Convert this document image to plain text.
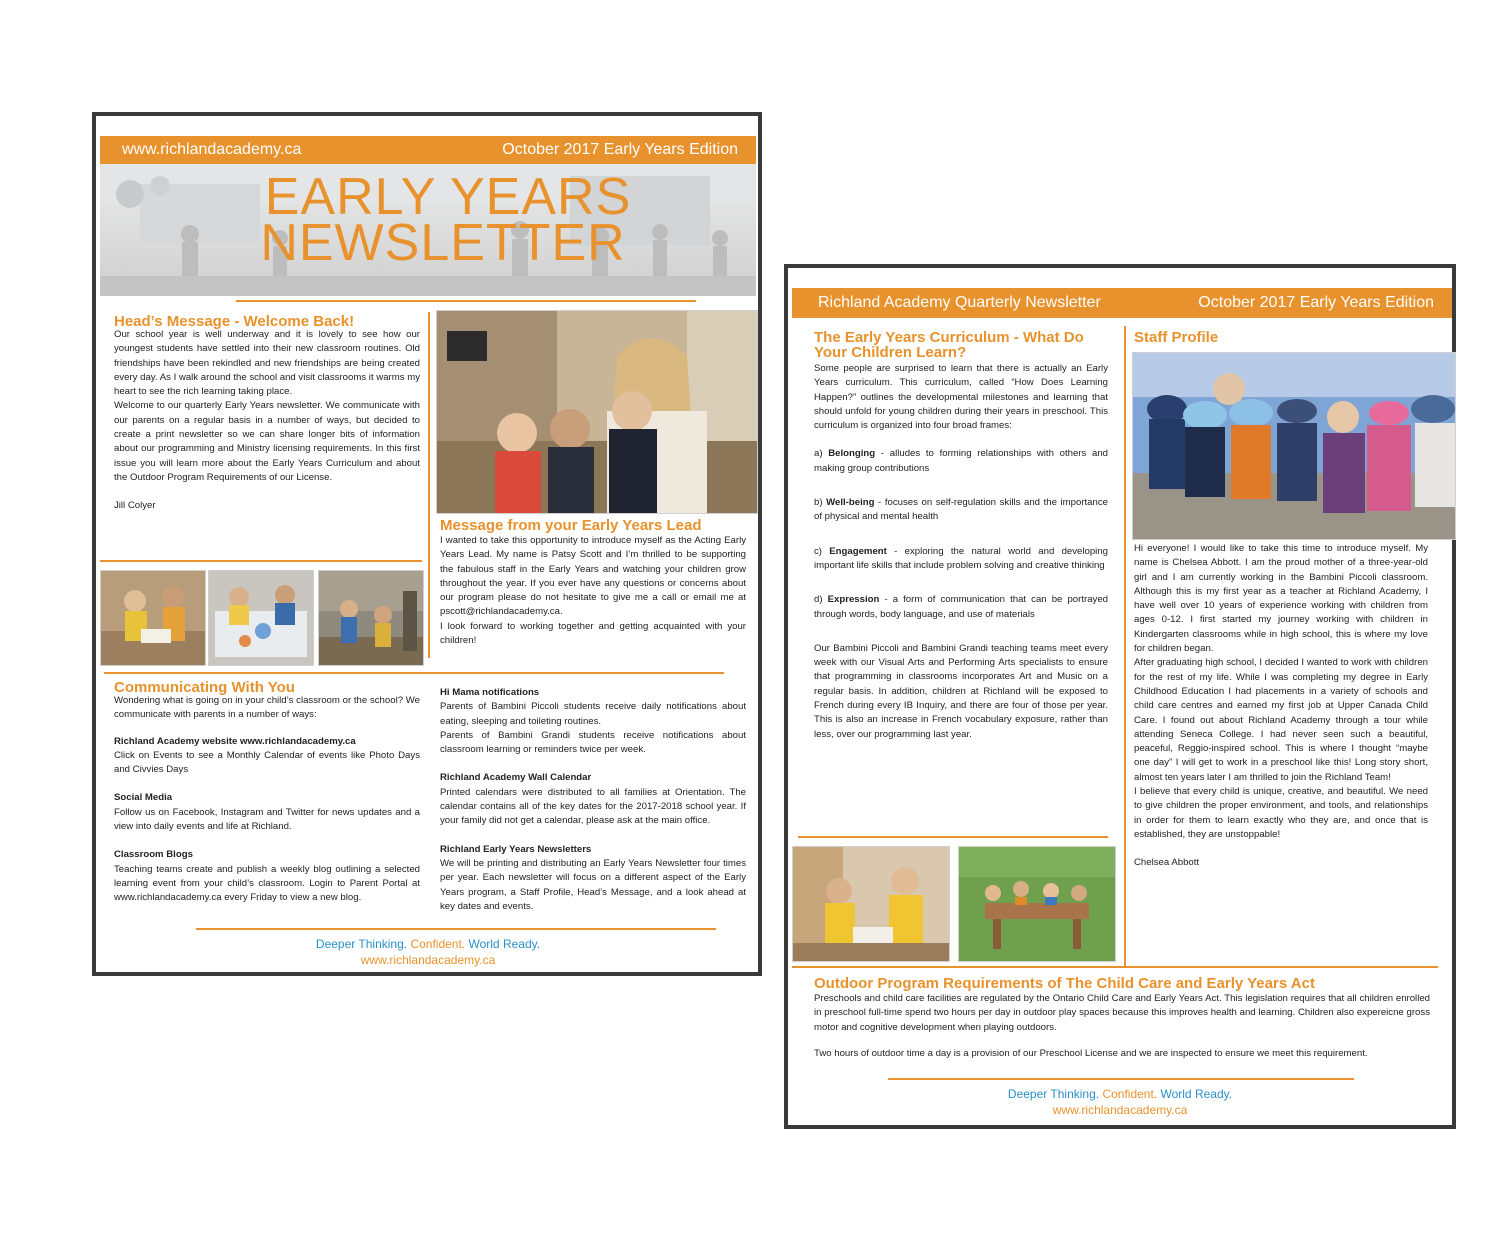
www.richlandacademy.ca	October 2017 Early Years Edition
EARLY YEARS
NEWSLETTER
Head’s Message - Welcome Back!

Our school year is well underway and it is lovely to see how our youngest students have settled into their new classroom routines. Old friendships have been rekindled and new friendships are being created every day. As I walk around the school and visit classrooms it warms my heart to see the rich learning taking place.

Welcome to our quarterly Early Years newsletter. We communicate with our parents on a regular basis in a number of ways, but decided to create a print newsletter so we can share longer bits of information about our programming and Ministry licensing requirements. In this first issue you will learn more about the Early Years Curriculum and about the Outdoor Program Requirements of our License.

Jill Colyer

Message from your Early Years Lead

I wanted to take this opportunity to introduce myself as the Acting Early Years Lead. My name is Patsy Scott and I’m thrilled to be supporting the fabulous staff in the Early Years and watching your children grow throughout the year. If you ever have any questions or concerns about our program please do not hesitate to give me a call or email me at pscott@richlandacademy.ca.

I look forward to working together and getting acquainted with your children!

Communicating With You

Wondering what is going on in your child’s classroom or the school? We communicate with parents in a number of ways:

Richland Academy website www.richlandacademy.ca
Click on Events to see a Monthly Calendar of events like Photo Days and Civvies Days

Social Media
Follow us on Facebook, Instagram and Twitter for news updates and a view into daily events and life at Richland.

Classroom Blogs
Teaching teams create and publish a weekly blog outlining a selected learning event from your child’s classroom. Login to Parent Portal at www.richlandacademy.ca every Friday to view a new blog.

Hi Mama notifications
Parents of Bambini Piccoli students receive daily notifications about eating, sleeping and toileting routines.
Parents of Bambini Grandi students receive notifications about classroom learning or reminders twice per week.

Richland Academy Wall Calendar
Printed calendars were distributed to all families at Orientation. The calendar contains all of the key dates for the 2017-2018 school year. If your family did not get a calendar, please ask at the main office.

Richland Early Years Newsletters
We will be printing and distributing an Early Years Newsletter four times per year. Each newsletter will focus on a different aspect of the Early Years program, a Staff Profile, Head’s Message, and a look ahead at key dates and events.

Deeper Thinking. Confident. World Ready.
www.richlandacademy.ca
Richland Academy Quarterly Newsletter	October 2017 Early Years Edition
The Early Years Curriculum - What Do Your Children Learn?

Some people are surprised to learn that there is actually an Early Years curriculum. This curriculum, called “How Does Learning Happen?” outlines the developmental milestones and learning that should unfold for young children during their years in preschool. This curriculum is organized into four broad frames:

a) Belonging - alludes to forming relationships with others and making group contributions

b) Well-being - focuses on self-regulation skills and the importance of physical and mental health

c) Engagement - exploring the natural world and developing important life skills that include problem solving and creative thinking

d) Expression - a form of communication that can be portrayed through words, body language, and use of materials

Our Bambini Piccoli and Bambini Grandi teaching teams meet every week with our Visual Arts and Performing Arts specialists to ensure that programming in classrooms incorporates Art and Music on a regular basis. In addition, children at Richland will be exposed to French during every IB Inquiry, and there are four of those per year. This is also an increase in French vocabulary exposure, rather than less, over our programming last year.

Staff Profile

Hi everyone! I would like to take this time to introduce myself. My name is Chelsea Abbott. I am the proud mother of a three-year-old girl and I am currently working in the Bambini Piccoli classroom. Although this is my first year as a teacher at Richland Academy, I have well over 10 years of experience working with children from ages 0-12. I first started my journey working with children in Kindergarten classrooms while in high school, this is where my love for children began.

After graduating high school, I decided I wanted to work with children for the rest of my life. While I was completing my degree in Early Childhood Education I had placements in a variety of schools and child care centres and earned my first job at Upper Canada Child Care. I found out about Richland Academy through a tour while attending Seneca College. I had never seen such a beautiful, peaceful, Reggio-inspired school. This is where I thought “maybe one day” I will get to work in a preschool like this! Long story short, almost ten years later I am thrilled to join the Richland Team!

I believe that every child is unique, creative, and beautiful. We need to give children the proper environment, and tools, and relationships in order for them to learn exactly who they are, and once that is established, they are unstoppable!

Chelsea Abbott

Outdoor Program Requirements of The Child Care and Early Years Act

Preschools and child care facilities are regulated by the Ontario Child Care and Early Years Act. This legislation requires that all children enrolled in preschool full-time spend two hours per day in outdoor play spaces because this improves health and learning. Children also expereicne gross motor and cognitive development when playing outdoors.

Two hours of outdoor time a day is a provision of our Preschool License and we are inspected to ensure we meet this requirement.

Deeper Thinking. Confident. World Ready.
www.richlandacademy.ca
